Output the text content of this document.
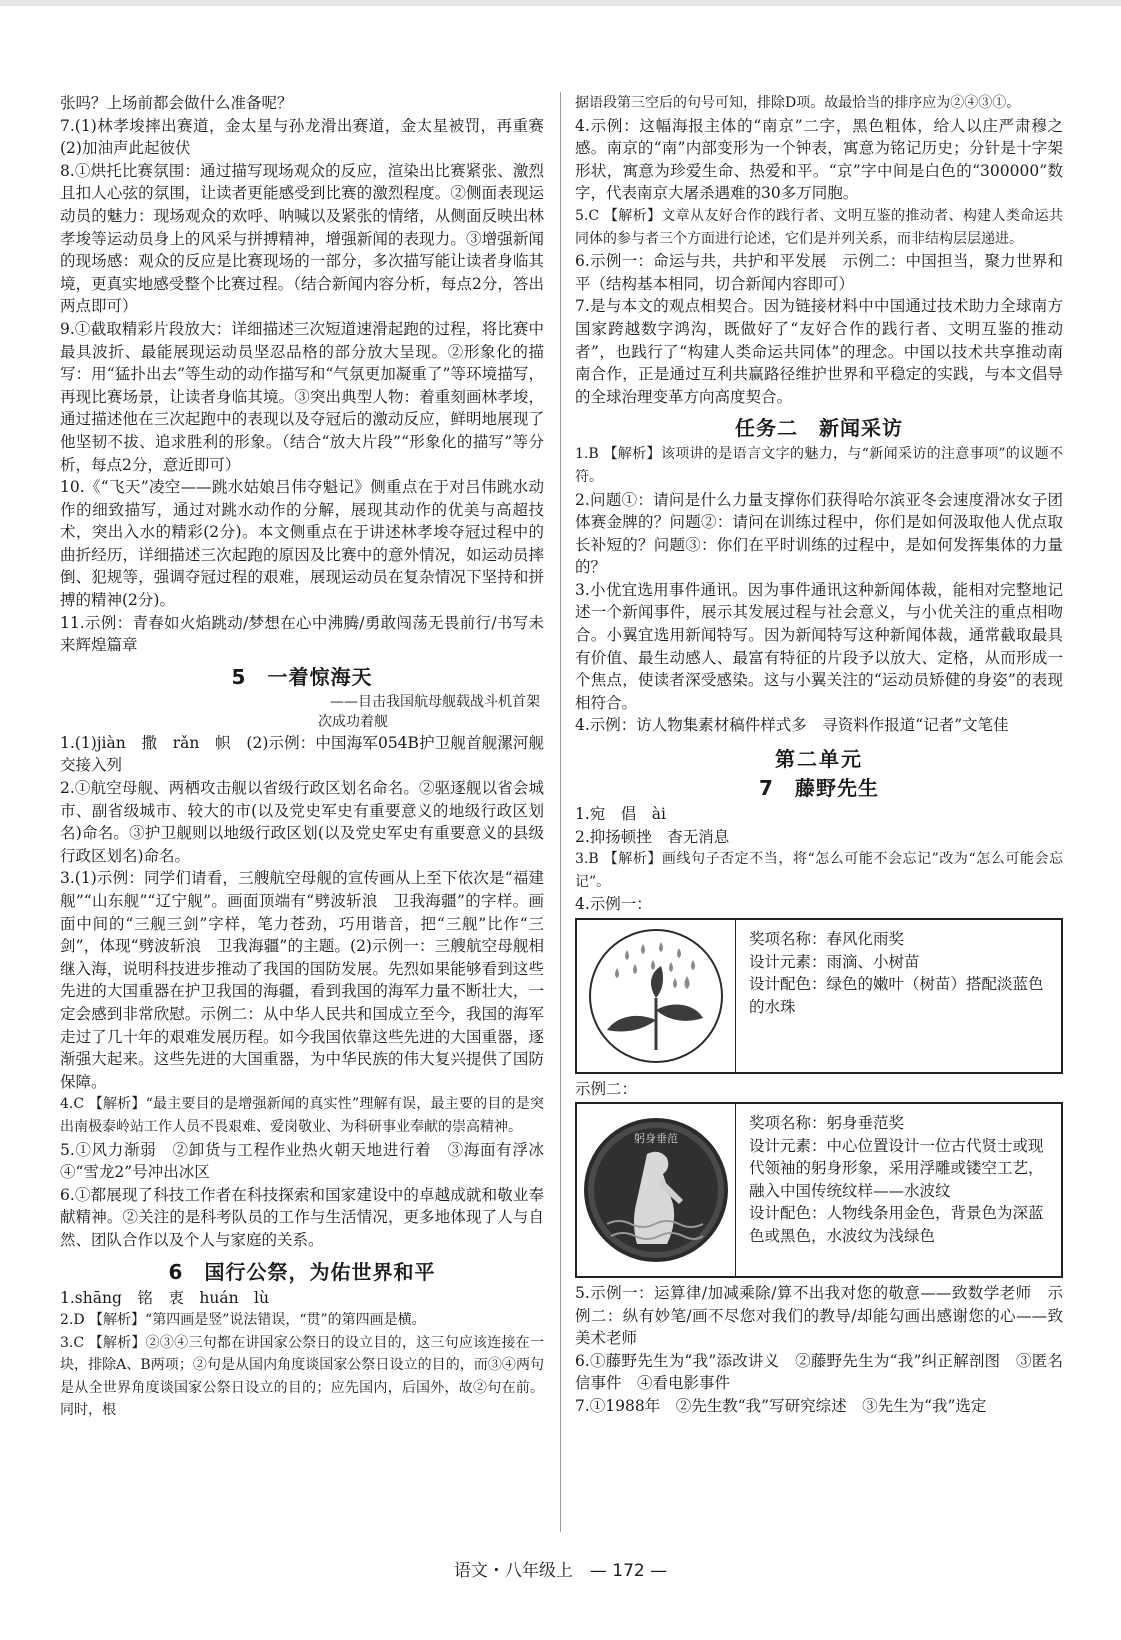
张吗？上场前都会做什么准备呢？

7.(1)林孝埈摔出赛道，金太星与孙龙滑出赛道，金太星被罚，再重赛　(2)加油声此起彼伏

8.①烘托比赛氛围：通过描写现场观众的反应，渲染出比赛紧张、激烈且扣人心弦的氛围，让读者更能感受到比赛的激烈程度。②侧面表现运动员的魅力：现场观众的欢呼、呐喊以及紧张的情绪，从侧面反映出林孝埈等运动员身上的风采与拼搏精神，增强新闻的表现力。③增强新闻的现场感：观众的反应是比赛现场的一部分，多次描写能让读者身临其境，更真实地感受整个比赛过程。（结合新闻内容分析，每点2分，答出两点即可）

9.①截取精彩片段放大：详细描述三次短道速滑起跑的过程，将比赛中最具波折、最能展现运动员坚忍品格的部分放大呈现。②形象化的描写：用“猛扑出去”等生动的动作描写和“气氛更加凝重了”等环境描写，再现比赛场景，让读者身临其境。③突出典型人物：着重刻画林孝埈，通过描述他在三次起跑中的表现以及夺冠后的激动反应，鲜明地展现了他坚韧不拔、追求胜利的形象。（结合“放大片段”“形象化的描写”等分析，每点2分，意近即可）

10.《“飞天”凌空——跳水姑娘吕伟夺魁记》侧重点在于对吕伟跳水动作的细致描写，通过对跳水动作的分解，展现其动作的优美与高超技术，突出入水的精彩(2分)。本文侧重点在于讲述林孝埈夺冠过程中的曲折经历，详细描述三次起跑的原因及比赛中的意外情况，如运动员摔倒、犯规等，强调夺冠过程的艰难，展现运动员在复杂情况下坚持和拼搏的精神(2分)。

11.示例：青春如火焰跳动/梦想在心中沸腾/勇敢闯荡无畏前行/书写未来辉煌篇章

5　一着惊海天

——目击我国航母舰载战斗机首架

次成功着舰

1.(1)jiàn　撒　rǎn　帜　(2)示例：中国海军054B护卫舰首舰漯河舰交接入列

2.①航空母舰、两栖攻击舰以省级行政区划名命名。②驱逐舰以省会城市、副省级城市、较大的市(以及党史军史有重要意义的地级行政区划名)命名。③护卫舰则以地级行政区划(以及党史军史有重要意义的县级行政区划名)命名。

3.(1)示例：同学们请看，三艘航空母舰的宣传画从上至下依次是“福建舰”“山东舰”“辽宁舰”。画面顶端有“劈波斩浪　卫我海疆”的字样。画面中间的“三舰三剑”字样，笔力苍劲，巧用谐音，把“三舰”比作“三剑”，体现“劈波斩浪　卫我海疆”的主题。(2)示例一：三艘航空母舰相继入海，说明科技进步推动了我国的国防发展。先烈如果能够看到这些先进的大国重器在护卫我国的海疆，看到我国的海军力量不断壮大，一定会感到非常欣慰。示例二：从中华人民共和国成立至今，我国的海军走过了几十年的艰难发展历程。如今我国依靠这些先进的大国重器，逐渐强大起来。这些先进的大国重器，为中华民族的伟大复兴提供了国防保障。

4.C 【解析】“最主要目的是增强新闻的真实性”理解有误，最主要的目的是突出南极泰岭站工作人员不畏艰难、爱岗敬业、为科研事业奉献的崇高精神。

5.①风力渐弱　②卸货与工程作业热火朝天地进行着　③海面有浮冰　④“雪龙2”号冲出冰区

6.①都展现了科技工作者在科技探索和国家建设中的卓越成就和敬业奉献精神。②关注的是科考队员的工作与生活情况，更多地体现了人与自然、团队合作以及个人与家庭的关系。

6　国行公祭，为佑世界和平

1.shāng　铭　衷　huán　lù

2.D 【解析】“第四画是竖”说法错误，“贯”的第四画是横。

3.C 【解析】②③④三句都在讲国家公祭日的设立目的，这三句应该连接在一块，排除A、B两项；②句是从国内角度谈国家公祭日设立的目的，而③④两句是从全世界角度谈国家公祭日设立的目的；应先国内，后国外，故②句在前。同时，根

据语段第三空后的句号可知，排除D项。故最恰当的排序应为②④③①。

4.示例：这幅海报主体的“南京”二字，黑色粗体，给人以庄严肃穆之感。南京的“南”内部变形为一个钟表，寓意为铭记历史；分针是十字架形状，寓意为珍爱生命、热爱和平。“京”字中间是白色的“300000”数字，代表南京大屠杀遇难的30多万同胞。

5.C 【解析】文章从友好合作的践行者、文明互鉴的推动者、构建人类命运共同体的参与者三个方面进行论述，它们是并列关系，而非结构层层递进。

6.示例一：命运与共，共护和平发展　示例二：中国担当，聚力世界和平（结构基本相同，切合新闻内容即可）

7.是与本文的观点相契合。因为链接材料中中国通过技术助力全球南方国家跨越数字鸿沟，既做好了“友好合作的践行者、文明互鉴的推动者”，也践行了“构建人类命运共同体”的理念。中国以技术共享推动南南合作，正是通过互利共赢路径维护世界和平稳定的实践，与本文倡导的全球治理变革方向高度契合。

任务二　新闻采访

1.B 【解析】该项讲的是语言文字的魅力，与“新闻采访的注意事项”的议题不符。

2.问题①：请问是什么力量支撑你们获得哈尔滨亚冬会速度滑冰女子团体赛金牌的？问题②：请问在训练过程中，你们是如何汲取他人优点取长补短的？问题③：你们在平时训练的过程中，是如何发挥集体的力量的？

3.小优宜选用事件通讯。因为事件通讯这种新闻体裁，能相对完整地记述一个新闻事件，展示其发展过程与社会意义，与小优关注的重点相吻合。小翼宜选用新闻特写。因为新闻特写这种新闻体裁，通常截取最具有价值、最生动感人、最富有特征的片段予以放大、定格，从而形成一个焦点，使读者深受感染。这与小翼关注的“运动员矫健的身姿”的表现相符合。

4.示例：访人物集素材稿件样式多　寻资料作报道“记者”文笔佳

第二单元
7　藤野先生

1.宛　倡　ài

2.抑扬顿挫　杳无消息

3.B 【解析】画线句子否定不当，将“怎么可能不会忘记”改为“怎么可能会忘记”。

4.示例一：

奖项名称：春风化雨奖
设计元素：雨滴、小树苗
设计配色：绿色的嫩叶（树苗）搭配淡蓝色的水珠

示例二：

躬身垂范
奖项名称：躬身垂范奖
设计元素：中心位置设计一位古代贤士或现代领袖的躬身形象，采用浮雕或镂空工艺，融入中国传统纹样——水波纹
设计配色：人物线条用金色，背景色为深蓝色或黑色，水波纹为浅绿色

5.示例一：运算律/加减乘除/算不出我对您的敬意——致数学老师　示例二：纵有妙笔/画不尽您对我们的教导/却能勾画出感谢您的心——致美术老师

6.①藤野先生为“我”添改讲义　②藤野先生为“我”纠正解剖图　③匿名信事件　④看电影事件

7.①1988年　②先生教“我”写研究综述　③先生为“我”选定

语文・八年级上　— 172 —
